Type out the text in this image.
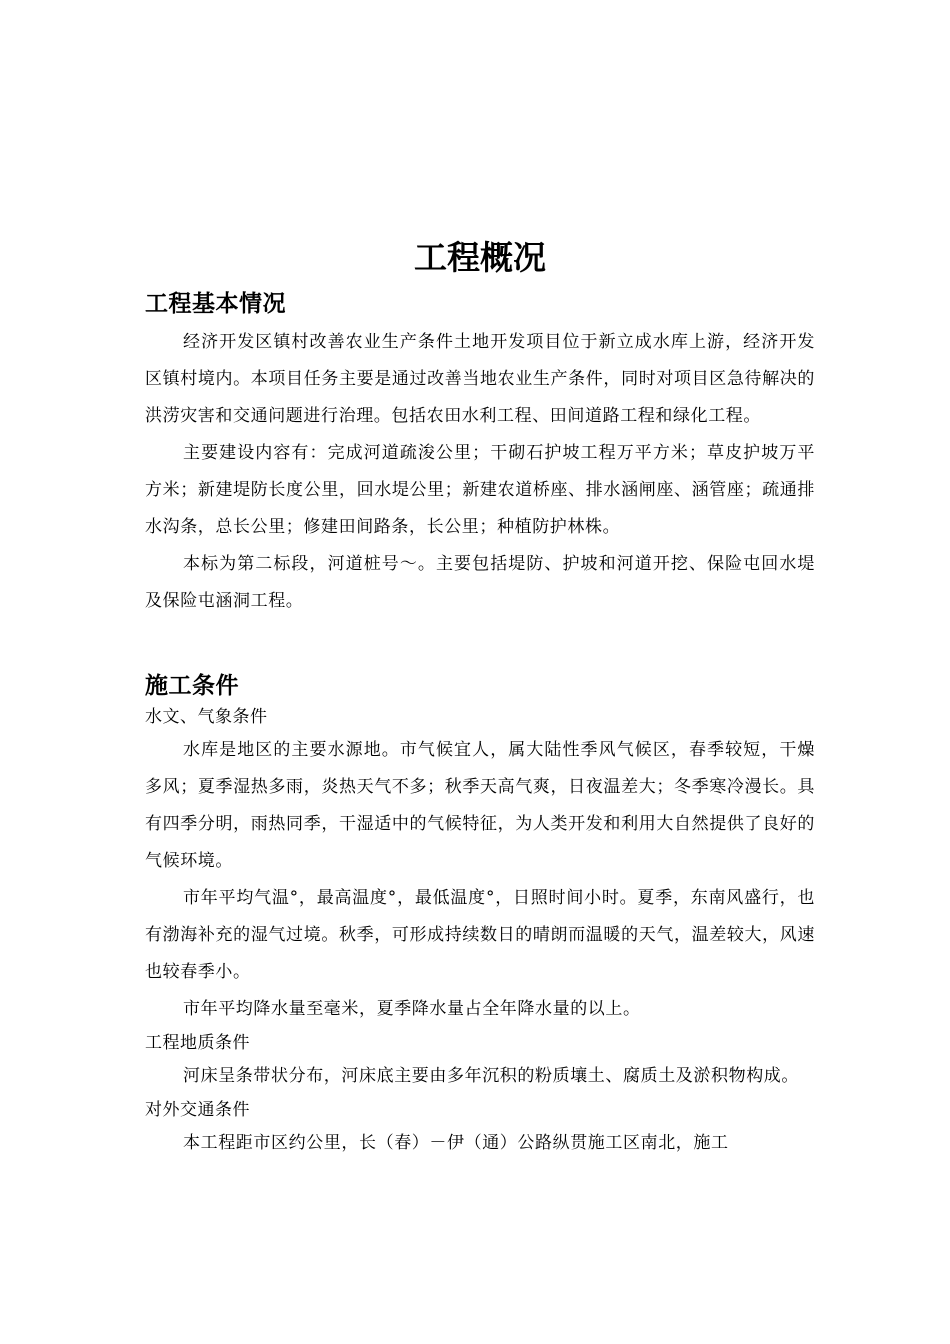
工程概况
工程基本情况

经济开发区镇村改善农业生产条件土地开发项目位于新立成水库上游，经济开发区镇村境内。本项目任务主要是通过改善当地农业生产条件，同时对项目区急待解决的洪涝灾害和交通问题进行治理。包括农田水利工程、田间道路工程和绿化工程。

主要建设内容有：完成河道疏浚公里；干砌石护坡工程万平方米；草皮护坡万平方米；新建堤防长度公里，回水堤公里；新建农道桥座、排水涵闸座、涵管座；疏通排水沟条，总长公里；修建田间路条，长公里；种植防护林株。

本标为第二标段，河道桩号～。主要包括堤防、护坡和河道开挖、保险屯回水堤及保险屯涵洞工程。

施工条件
水文、气象条件

水库是地区的主要水源地。市气候宜人，属大陆性季风气候区，春季较短，干燥多风；夏季湿热多雨，炎热天气不多；秋季天高气爽，日夜温差大；冬季寒冷漫长。具有四季分明，雨热同季，干湿适中的气候特征，为人类开发和利用大自然提供了良好的气候环境。

市年平均气温°，最高温度°，最低温度°，日照时间小时。夏季，东南风盛行，也有渤海补充的湿气过境。秋季，可形成持续数日的晴朗而温暖的天气，温差较大，风速也较春季小。

市年平均降水量至毫米，夏季降水量占全年降水量的以上。

工程地质条件

河床呈条带状分布，河床底主要由多年沉积的粉质壤土、腐质土及淤积物构成。

对外交通条件

本工程距市区约公里，长（春）－伊（通）公路纵贯施工区南北，施工
